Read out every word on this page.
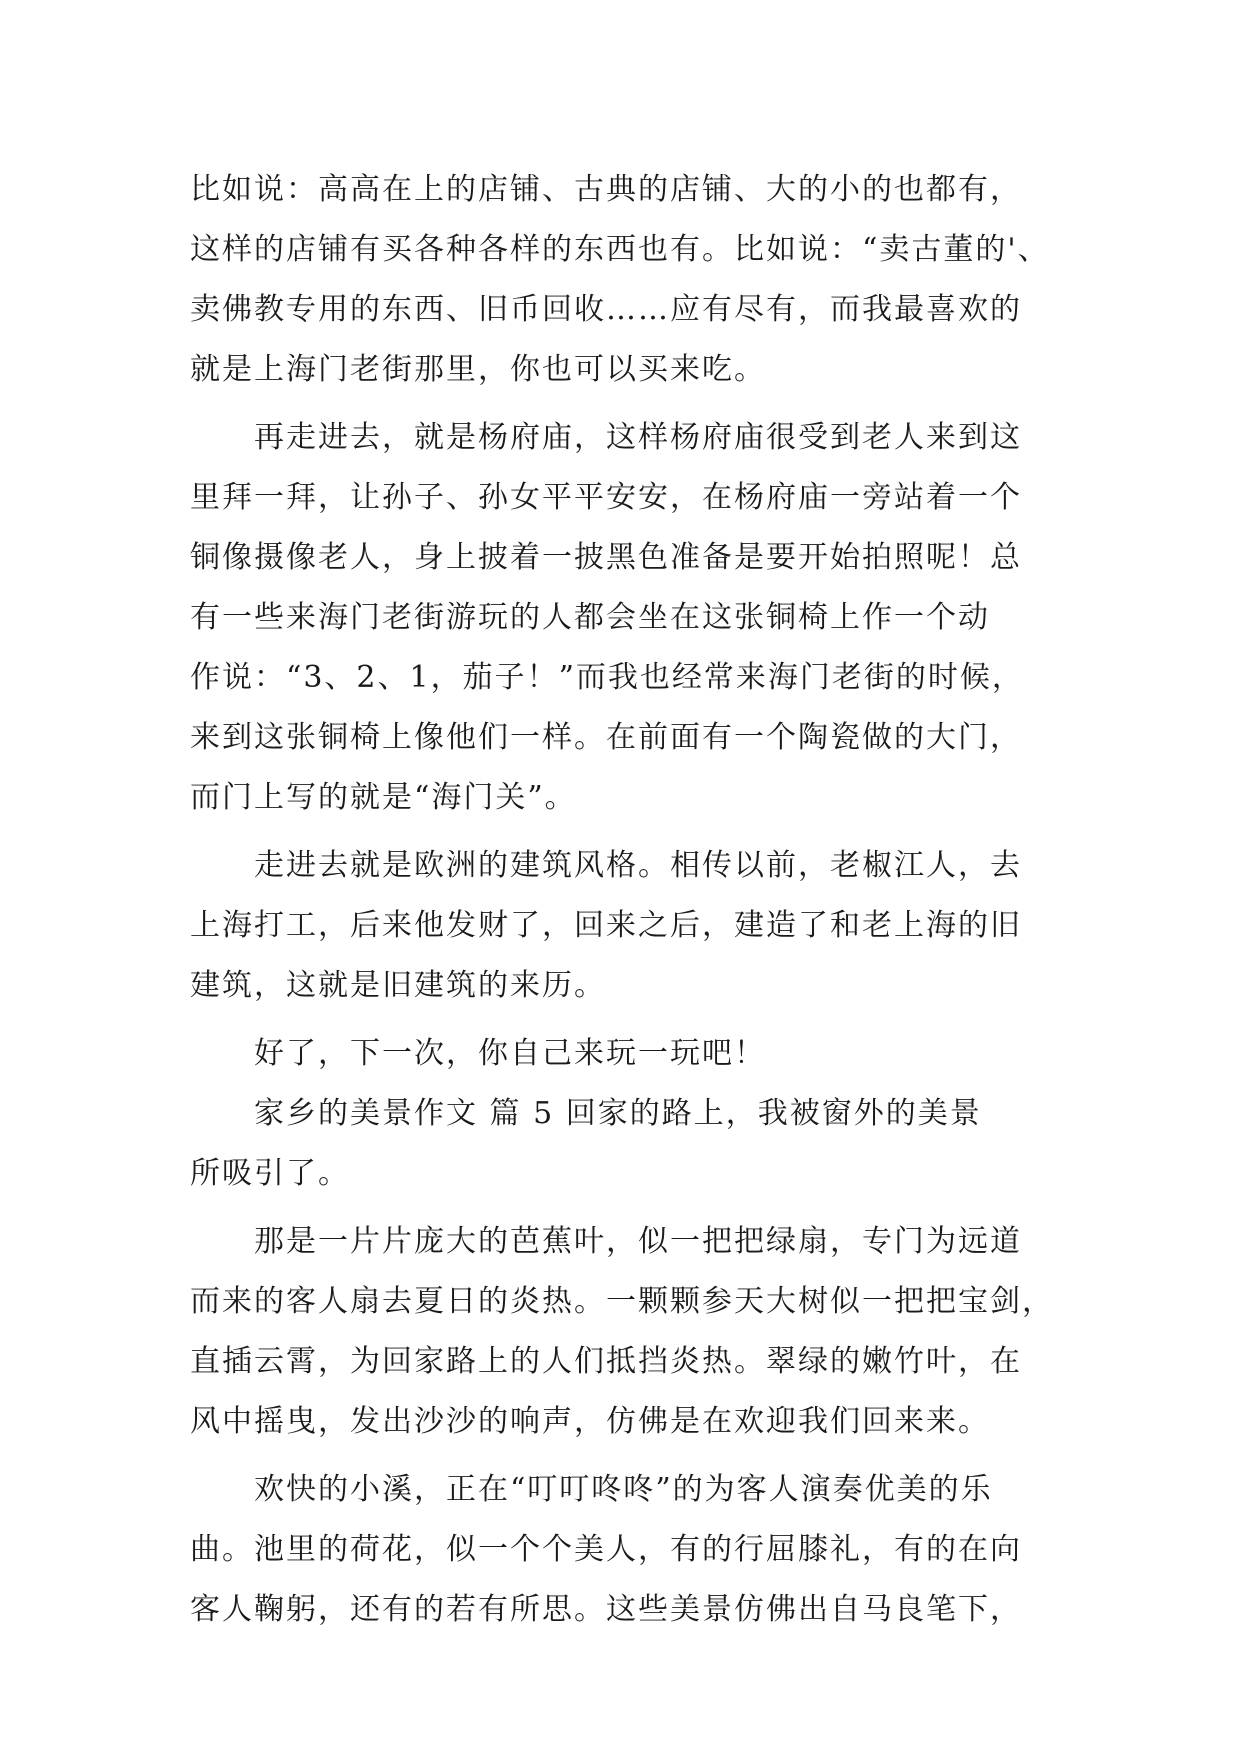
比如说：高高在上的店铺、古典的店铺、大的小的也都有，
这样的店铺有买各种各样的东西也有。比如说：“卖古董的'、
卖佛教专用的东西、旧币回收……应有尽有，而我最喜欢的
就是上海门老街那里，你也可以买来吃。
再走进去，就是杨府庙，这样杨府庙很受到老人来到这
里拜一拜，让孙子、孙女平平安安，在杨府庙一旁站着一个
铜像摄像老人，身上披着一披黑色准备是要开始拍照呢！总
有一些来海门老街游玩的人都会坐在这张铜椅上作一个动
作说：“3、2、1，茄子！”而我也经常来海门老街的时候，
来到这张铜椅上像他们一样。在前面有一个陶瓷做的大门，
而门上写的就是“海门关”。
走进去就是欧洲的建筑风格。相传以前，老椒江人，去
上海打工，后来他发财了，回来之后，建造了和老上海的旧
建筑，这就是旧建筑的来历。
好了，下一次，你自己来玩一玩吧！
家乡的美景作文 篇 5 回家的路上，我被窗外的美景
所吸引了。
那是一片片庞大的芭蕉叶，似一把把绿扇，专门为远道
而来的客人扇去夏日的炎热。一颗颗参天大树似一把把宝剑，
直插云霄，为回家路上的人们抵挡炎热。翠绿的嫩竹叶，在
风中摇曳，发出沙沙的响声，仿佛是在欢迎我们回来来。
欢快的小溪，正在“叮叮咚咚”的为客人演奏优美的乐
曲。池里的荷花，似一个个美人，有的行屈膝礼，有的在向
客人鞠躬，还有的若有所思。这些美景仿佛出自马良笔下，
